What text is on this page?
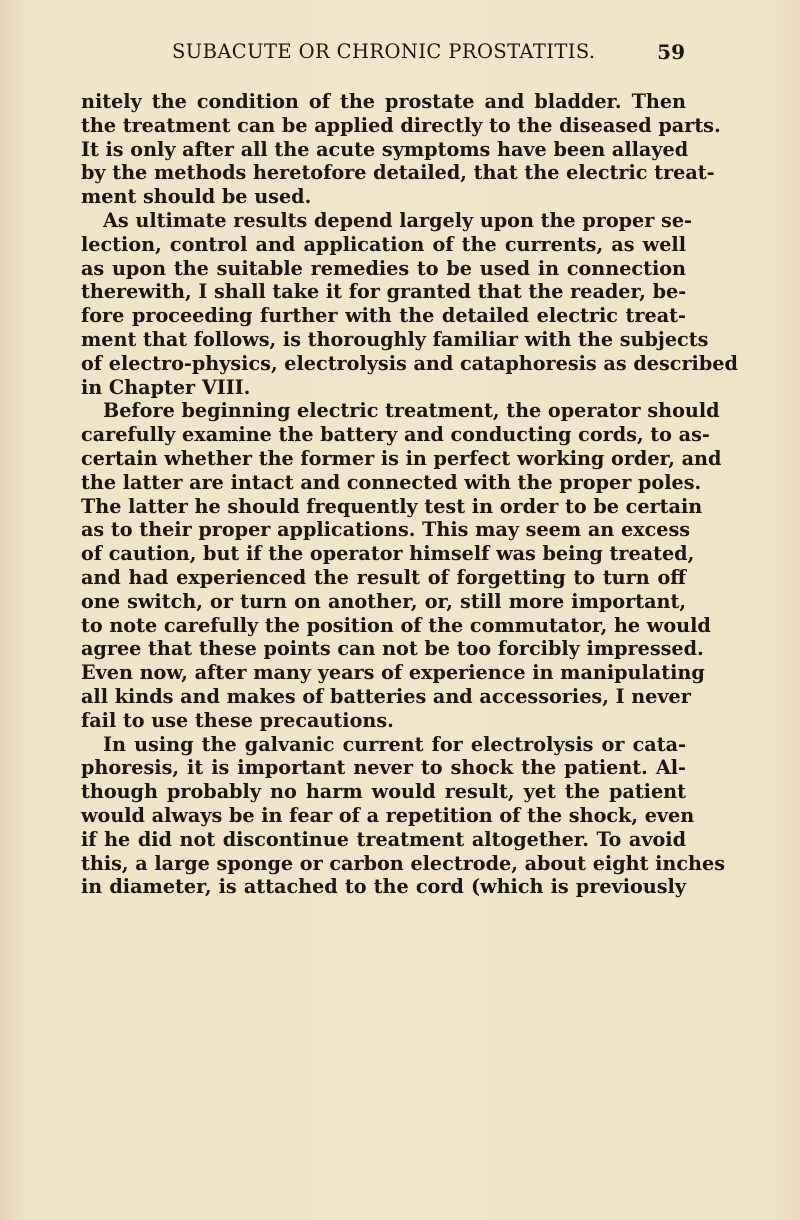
SUBACUTE OR CHRONIC PROSTATITIS.	59
nitely the condition of the prostate and bladder. Then
the treatment can be applied directly to the diseased parts.
It is only after all the acute symptoms have been allayed
by the methods heretofore detailed, that the electric treat-
ment should be used.
As ultimate results depend largely upon the proper se-
lection, control and application of the currents, as well
as upon the suitable remedies to be used in connection
therewith, I shall take it for granted that the reader, be-
fore proceeding further with the detailed electric treat-
ment that follows, is thoroughly familiar with the subjects
of electro-physics, electrolysis and cataphoresis as described
in Chapter VIII.
Before beginning electric treatment, the operator should
carefully examine the battery and conducting cords, to as-
certain whether the former is in perfect working order, and
the latter are intact and connected with the proper poles.
The latter he should frequently test in order to be certain
as to their proper applications. This may seem an excess
of caution, but if the operator himself was being treated,
and had experienced the result of forgetting to turn off
one switch, or turn on another, or, still more important,
to note carefully the position of the commutator, he would
agree that these points can not be too forcibly impressed.
Even now, after many years of experience in manipulating
all kinds and makes of batteries and accessories, I never
fail to use these precautions.
In using the galvanic current for electrolysis or cata-
phoresis, it is important never to shock the patient. Al-
though probably no harm would result, yet the patient
would always be in fear of a repetition of the shock, even
if he did not discontinue treatment altogether. To avoid
this, a large sponge or carbon electrode, about eight inches
in diameter, is attached to the cord (which is previously
